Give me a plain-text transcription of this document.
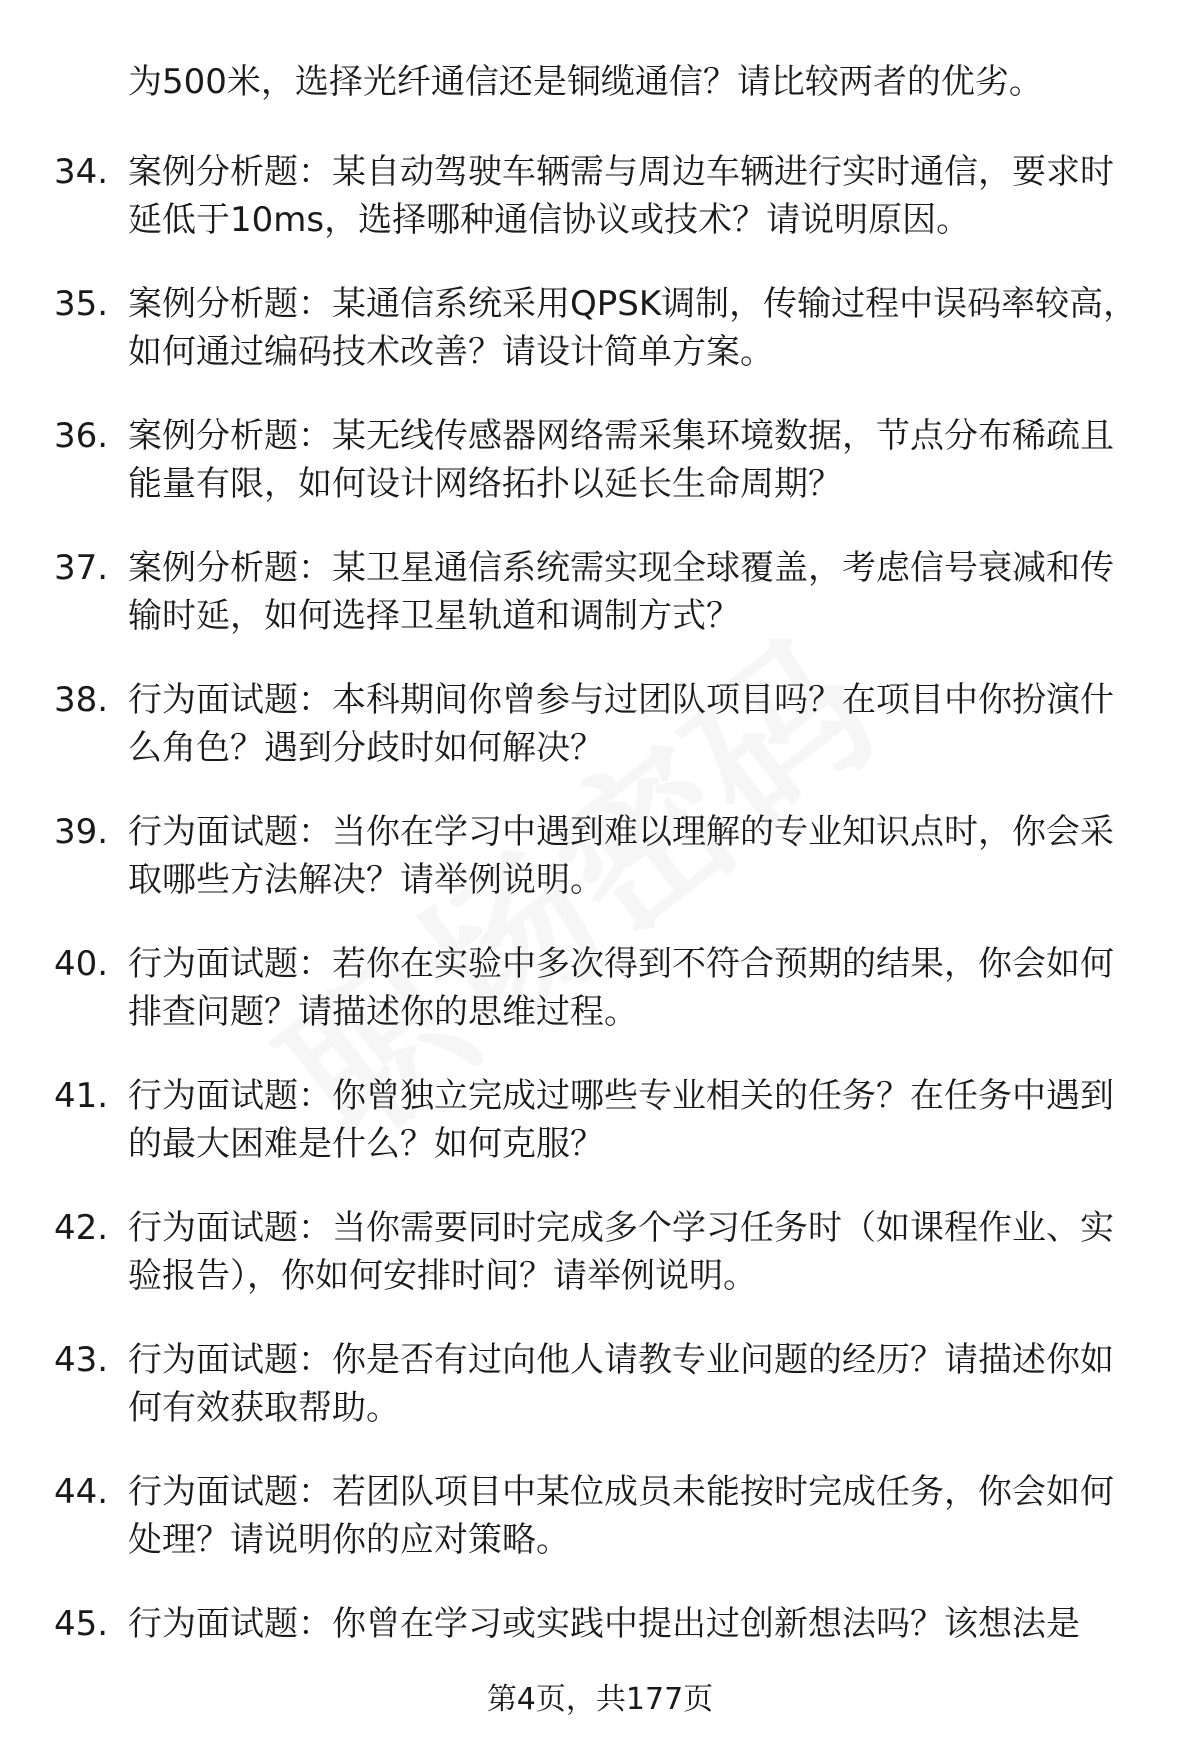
为500米，选择光纤通信还是铜缆通信？请比较两者的优劣。
34. 案例分析题：某自动驾驶车辆需与周边车辆进行实时通信，要求时延低于10ms，选择哪种通信协议或技术？请说明原因。
35. 案例分析题：某通信系统采用QPSK调制，传输过程中误码率较高，如何通过编码技术改善？请设计简单方案。
36. 案例分析题：某无线传感器网络需采集环境数据，节点分布稀疏且能量有限，如何设计网络拓扑以延长生命周期？
37. 案例分析题：某卫星通信系统需实现全球覆盖，考虑信号衰减和传输时延，如何选择卫星轨道和调制方式？
38. 行为面试题：本科期间你曾参与过团队项目吗？在项目中你扮演什么角色？遇到分歧时如何解决？
39. 行为面试题：当你在学习中遇到难以理解的专业知识点时，你会采取哪些方法解决？请举例说明。
40. 行为面试题：若你在实验中多次得到不符合预期的结果，你会如何排查问题？请描述你的思维过程。
41. 行为面试题：你曾独立完成过哪些专业相关的任务？在任务中遇到的最大困难是什么？如何克服？
42. 行为面试题：当你需要同时完成多个学习任务时（如课程作业、实验报告），你如何安排时间？请举例说明。
43. 行为面试题：你是否有过向他人请教专业问题的经历？请描述你如何有效获取帮助。
44. 行为面试题：若团队项目中某位成员未能按时完成任务，你会如何处理？请说明你的应对策略。
45. 行为面试题：你曾在学习或实践中提出过创新想法吗？该想法是
第4页，共177页
